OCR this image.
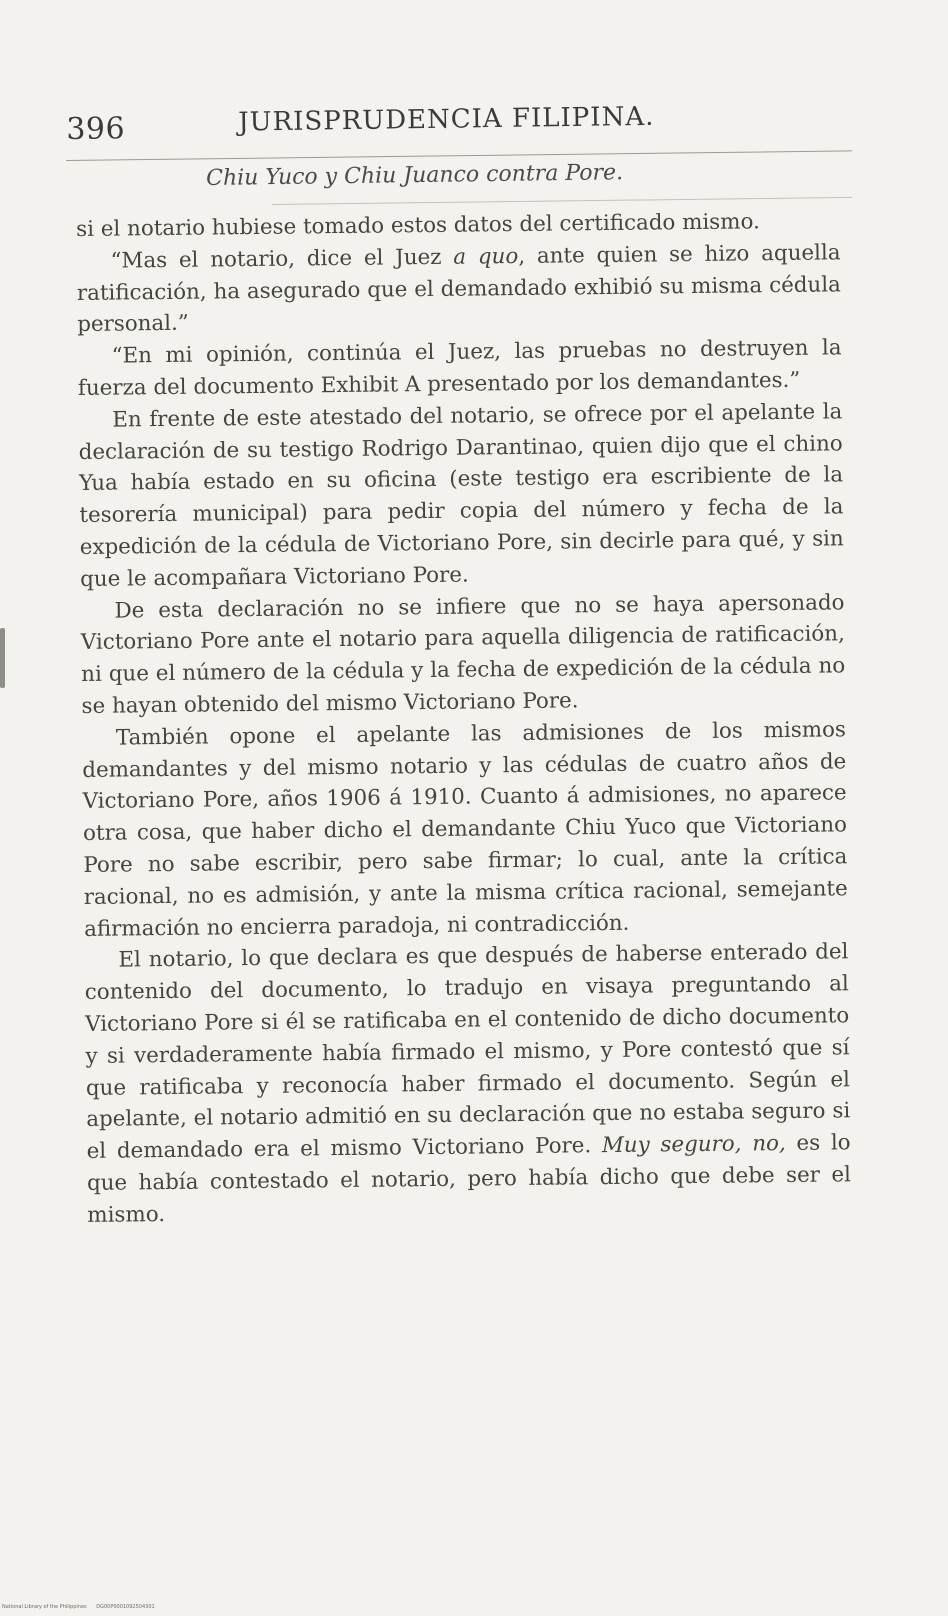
396	JURISPRUDENCIA FILIPINA.
Chiu Yuco y Chiu Juanco contra Pore.

si el notario hubiese tomado estos datos del certificado mismo.

“Mas el notario, dice el Juez a quo, ante quien se hizo aquella ratificación, ha asegurado que el demandado exhibió su misma cédula personal.”

“En mi opinión, continúa el Juez, las pruebas no destruyen la fuerza del documento Exhibit A presentado por los demandantes.”

En frente de este atestado del notario, se ofrece por el apelante la declaración de su testigo Rodrigo Darantinao, quien dijo que el chino Yua había estado en su oficina (este testigo era escribiente de la tesorería municipal) para pedir copia del número y fecha de la expedición de la cédula de Victoriano Pore, sin decirle para qué, y sin que le acompañara Victoriano Pore.

De esta declaración no se infiere que no se haya apersonado Victoriano Pore ante el notario para aquella diligencia de ratificación, ni que el número de la cédula y la fecha de expedición de la cédula no se hayan obtenido del mismo Victoriano Pore.

También opone el apelante las admisiones de los mismos demandantes y del mismo notario y las cédulas de cuatro años de Victoriano Pore, años 1906 á 1910. Cuanto á admisiones, no aparece otra cosa, que haber dicho el demandante Chiu Yuco que Victoriano Pore no sabe escribir, pero sabe firmar; lo cual, ante la crítica racional, no es admisión, y ante la misma crítica racional, semejante afirmación no encierra paradoja, ni contradicción.

El notario, lo que declara es que después de haberse enterado del contenido del documento, lo tradujo en visaya preguntando al Victoriano Pore si él se ratificaba en el contenido de dicho documento y si verdaderamente había firmado el mismo, y Pore contestó que sí que ratificaba y reconocía haber firmado el documento. Según el apelante, el notario admitió en su declaración que no estaba seguro si el demandado era el mismo Victoriano Pore. Muy seguro, no, es lo que había contestado el notario, pero había dicho que debe ser el mismo.

National Library of the Philippines DG00P0001092504301
